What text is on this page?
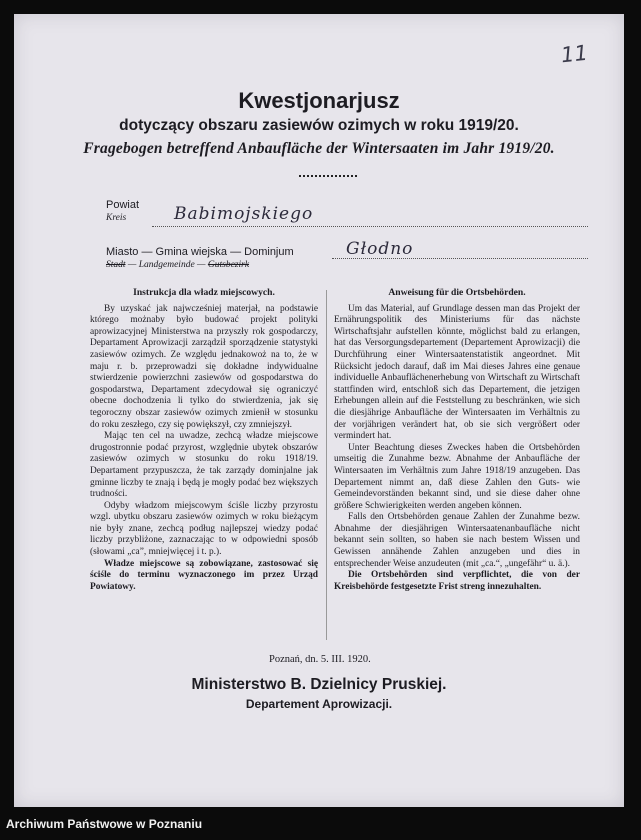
11
Kwestjonarjusz
dotyczący obszaru zasiewów ozimych w roku 1919/20.
Fragebogen betreffend Anbaufläche der Wintersaaten im Jahr 1919/20.
Powiat
Kreis	Babimojskiego
Miasto — Gmina wiejska — Dominjum
Stadt — Landgemeinde — Gutsbezirk
Głodno
Instrukcja dla władz miejscowych.

By uzyskać jak najwcześniej materjał, na podstawie którego możnaby było budować projekt polityki aprowizacyjnej Ministerstwa na przyszły rok gospodarczy, Departament Aprowizacji zarządził sporządzenie statystyki zasiewów ozimych. Ze względu jednakowoż na to, że w maju r. b. przeprowadzi się dokładne indywidualne stwierdzenie powierzchni zasiewów od gospodarstwa do gospodarstwa, Departament zdecydował się ograniczyć obecne dochodzenia li tylko do stwierdzenia, jak się tegoroczny obszar zasiewów ozimych zmienił w stosunku do roku zeszłego, czy się powiększył, czy zmniejszył.

Mając ten cel na uwadze, zechcą władze miejscowe drugostronnie podać przyrost, względnie ubytek obszarów zasiewów ozimych w stosunku do roku 1918/19. Departament przypuszcza, że tak zarządy dominjalne jak gminne liczby te znają i będą je mogły podać bez większych trudności.

Odyby władzom miejscowym ściśle liczby przyrostu wzgl. ubytku obszaru zasiewów ozimych w roku bieżącym nie były znane, zechcą podług najlepszej wiedzy podać liczby przybliżone, zaznaczając to w odpowiedni sposób (słowami „ca”, mniejwięcej i t. p.).

Władze miejscowe są zobowiązane, zastosować się ściśle do terminu wyznaczonego im przez Urząd Powiatowy.

Anweisung für die Ortsbehörden.

Um das Material, auf Grundlage dessen man das Projekt der Ernährungspolitik des Ministeriums für das nächste Wirtschaftsjahr aufstellen könnte, möglichst bald zu erlangen, hat das Versorgungsdepartement (Departement Aprowizacji) die Durchführung einer Wintersaatenstatistik angeordnet. Mit Rücksicht jedoch darauf, daß im Mai dieses Jahres eine genaue individuelle Anbauflächenerhebung von Wirtschaft zu Wirtschaft stattfinden wird, entschloß sich das Departement, die jetzigen Erhebungen allein auf die Feststellung zu beschränken, wie sich die diesjährige Anbaufläche der Wintersaaten im Verhältnis zu der vorjährigen verändert hat, ob sie sich vergrößert oder vermindert hat.

Unter Beachtung dieses Zweckes haben die Ortsbehörden umseitig die Zunahme bezw. Abnahme der Anbaufläche der Wintersaaten im Verhältnis zum Jahre 1918/19 anzugeben. Das Departement nimmt an, daß diese Zahlen den Guts- wie Gemeindevorständen bekannt sind, und sie diese daher ohne größere Schwierigkeiten werden angeben können.

Falls den Ortsbehörden genaue Zahlen der Zunahme bezw. Abnahme der diesjährigen Wintersaatenanbaufläche nicht bekannt sein sollten, so haben sie nach bestem Wissen und Gewissen annähende Zahlen anzugeben und dies in entsprechender Weise anzudeuten (mit „ca.“, „ungefähr“ u. ä.).

Die Ortsbehörden sind verpflichtet, die von der Kreisbehörde festgesetzte Frist streng innezuhalten.

Poznań, dn. 5. III. 1920.
Ministerstwo B. Dzielnicy Pruskiej.
Departement Aprowizacji.
Archiwum Państwowe w Poznaniu
